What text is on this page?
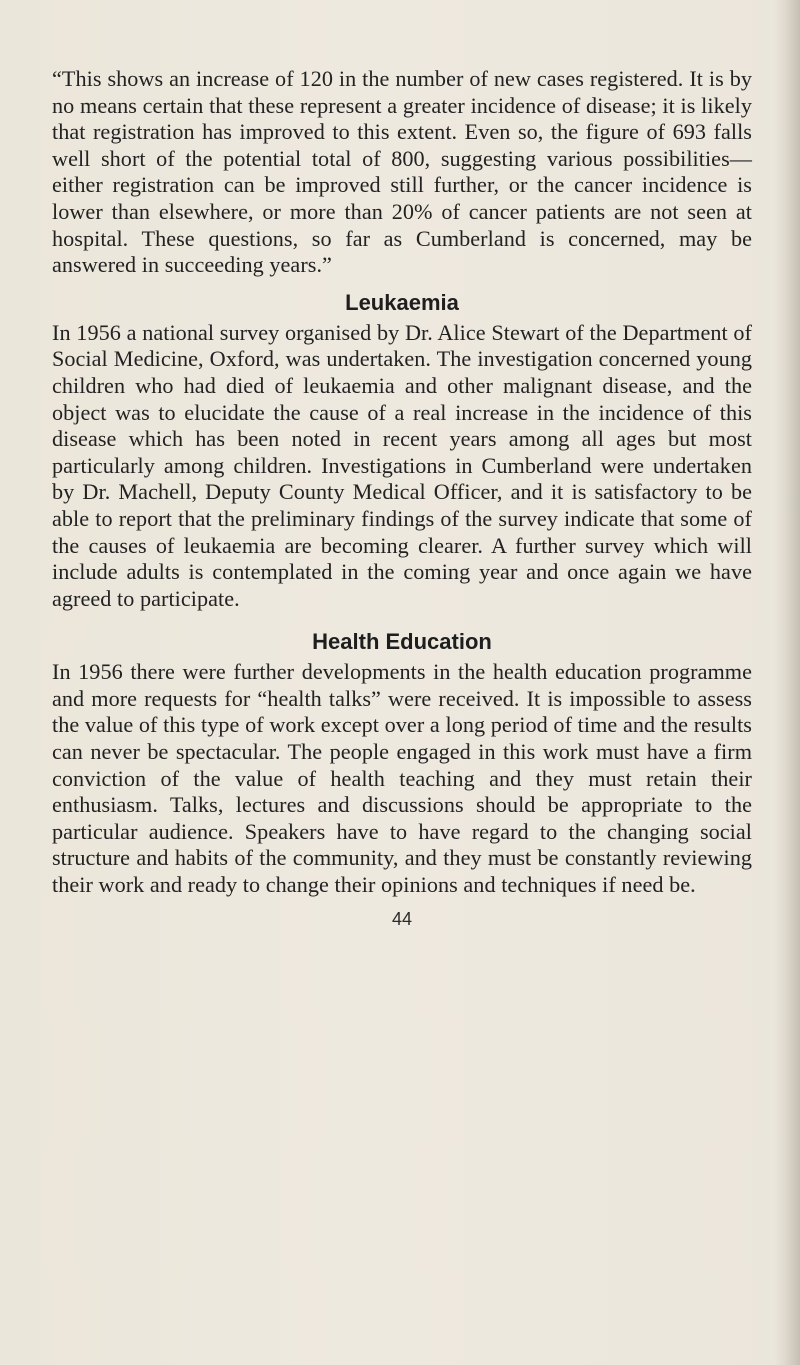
“This shows an increase of 120 in the number of new cases registered. It is by no means certain that these represent a greater incidence of disease; it is likely that registration has improved to this extent. Even so, the figure of 693 falls well short of the potential total of 800, suggesting various possibilities—either registration can be improved still further, or the cancer incidence is lower than elsewhere, or more than 20% of cancer patients are not seen at hospital. These questions, so far as Cumberland is concerned, may be answered in succeeding years.”

Leukaemia

In 1956 a national survey organised by Dr. Alice Stewart of the Department of Social Medicine, Oxford, was undertaken. The investigation concerned young children who had died of leukaemia and other malignant disease, and the object was to elucidate the cause of a real increase in the incidence of this disease which has been noted in recent years among all ages but most particularly among children. Investigations in Cumberland were undertaken by Dr. Machell, Deputy County Medical Officer, and it is satisfactory to be able to report that the preliminary findings of the survey indicate that some of the causes of leukaemia are becoming clearer. A further survey which will include adults is contemplated in the coming year and once again we have agreed to participate.

Health Education

In 1956 there were further developments in the health education programme and more requests for “health talks” were received. It is impossible to assess the value of this type of work except over a long period of time and the results can never be spectacular. The people engaged in this work must have a firm conviction of the value of health teaching and they must retain their enthusiasm. Talks, lectures and discussions should be appropriate to the particular audience. Speakers have to have regard to the changing social structure and habits of the community, and they must be constantly reviewing their work and ready to change their opinions and techniques if need be.

44
